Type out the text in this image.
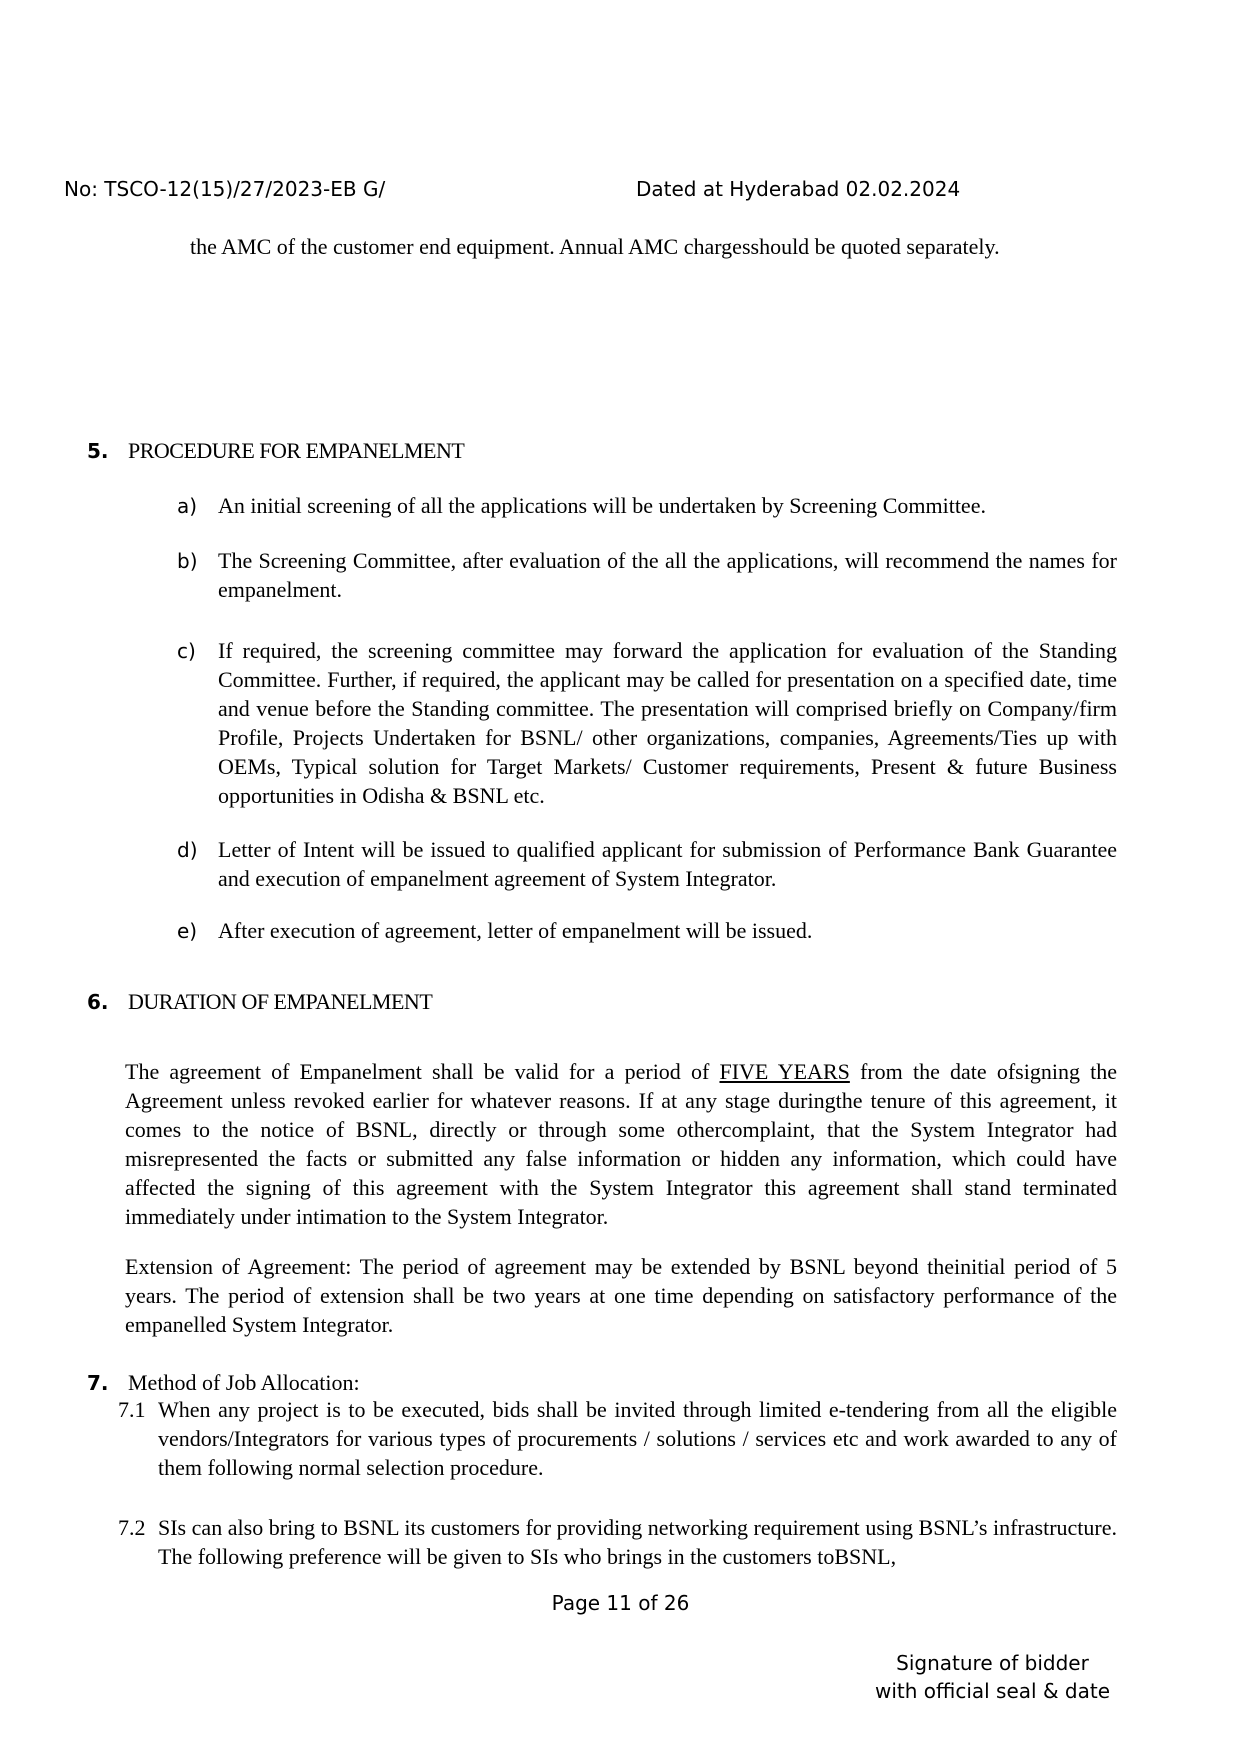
No: TSCO-12(15)/27/2023-EB G/	Dated at Hyderabad 02.02.2024

the AMC of the customer end equipment. Annual AMC chargesshould be quoted separately.

5. PROCEDURE FOR EMPANELMENT
a) An initial screening of all the applications will be undertaken by Screening Committee.
b) The Screening Committee, after evaluation of the all the applications, will recommend the names for empanelment.
c) If required, the screening committee may forward the application for evaluation of the Standing Committee. Further, if required, the applicant may be called for presentation on a specified date, time and venue before the Standing committee. The presentation will comprised briefly on Company/firm Profile, Projects Undertaken for BSNL/ other organizations, companies, Agreements/Ties up with OEMs, Typical solution for Target Markets/ Customer requirements, Present & future Business opportunities in Odisha & BSNL etc.
d) Letter of Intent will be issued to qualified applicant for submission of Performance Bank Guarantee and execution of empanelment agreement of System Integrator.
e) After execution of agreement, letter of empanelment will be issued.
6. DURATION OF EMPANELMENT

The agreement of Empanelment shall be valid for a period of FIVE YEARS from the date ofsigning the Agreement unless revoked earlier for whatever reasons. If at any stage duringthe tenure of this agreement, it comes to the notice of BSNL, directly or through some othercomplaint, that the System Integrator had misrepresented the facts or submitted any false information or hidden any information, which could have affected the signing of this agreement with the System Integrator this agreement shall stand terminated immediately under intimation to the System Integrator.

Extension of Agreement: The period of agreement may be extended by BSNL beyond theinitial period of 5 years. The period of extension shall be two years at one time depending on satisfactory performance of the empanelled System Integrator.

7. Method of Job Allocation:
7.1 When any project is to be executed, bids shall be invited through limited e-tendering from all the eligible vendors/Integrators for various types of procurements / solutions / services etc and work awarded to any of them following normal selection procedure.
7.2 SIs can also bring to BSNL its customers for providing networking requirement using BSNL’s infrastructure. The following preference will be given to SIs who brings in the customers toBSNL,
Page 11 of 26
Signature of bidder
with official seal & date
